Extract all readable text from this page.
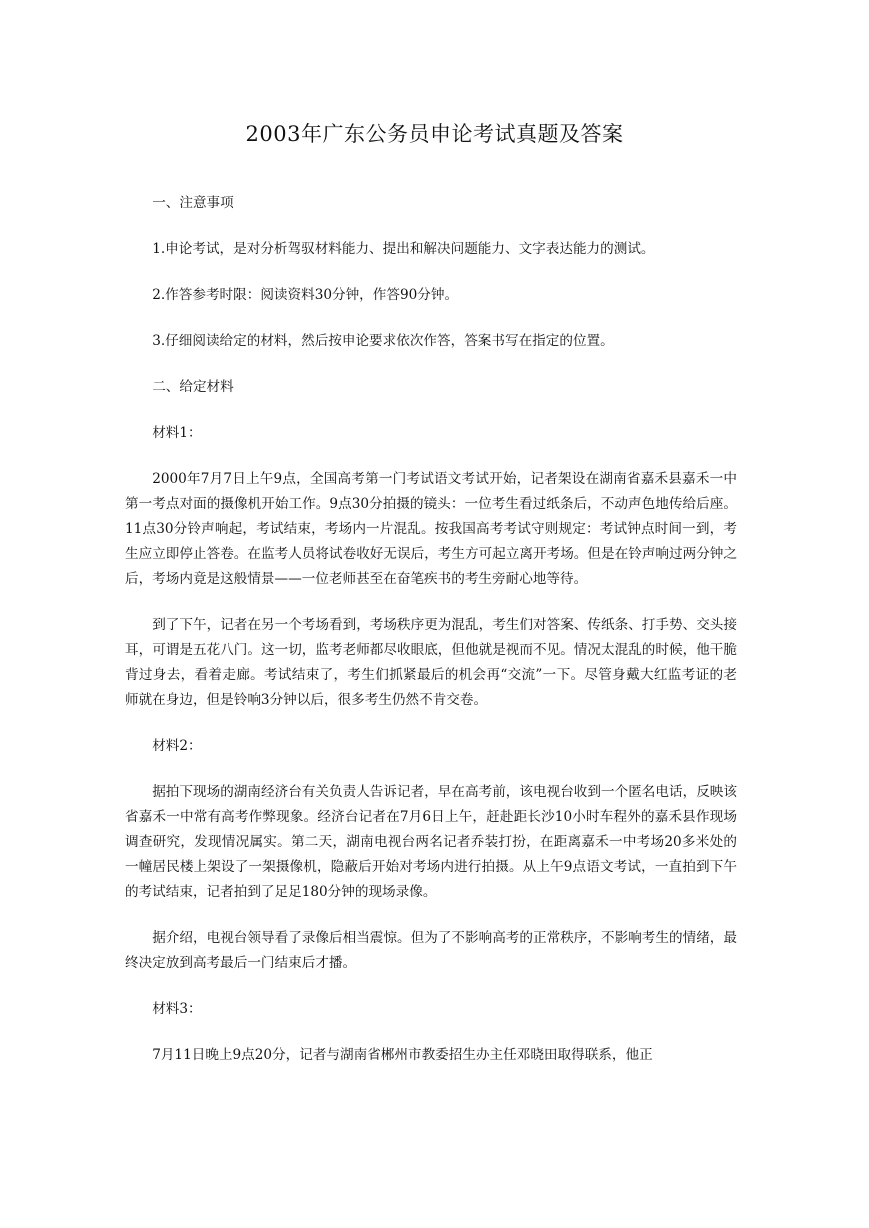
2003年广东公务员申论考试真题及答案

一、注意事项

1.申论考试，是对分析驾驭材料能力、提出和解决问题能力、文字表达能力的测试。

2.作答参考时限：阅读资料30分钟，作答90分钟。

3.仔细阅读给定的材料，然后按申论要求依次作答，答案书写在指定的位置。

二、给定材料

材料1：

2000年7月7日上午9点，全国高考第一门考试语文考试开始，记者架设在湖南省嘉禾县嘉禾一中第一考点对面的摄像机开始工作。9点30分拍摄的镜头：一位考生看过纸条后，不动声色地传给后座。11点30分铃声响起，考试结束，考场内一片混乱。按我国高考考试守则规定：考试钟点时间一到，考生应立即停止答卷。在监考人员将试卷收好无误后，考生方可起立离开考场。但是在铃声响过两分钟之后，考场内竟是这般情景——一位老师甚至在奋笔疾书的考生旁耐心地等待。

到了下午，记者在另一个考场看到，考场秩序更为混乱，考生们对答案、传纸条、打手势、交头接耳，可谓是五花八门。这一切，监考老师都尽收眼底，但他就是视而不见。情况太混乱的时候，他干脆背过身去，看着走廊。考试结束了，考生们抓紧最后的机会再“交流”一下。尽管身戴大红监考证的老师就在身边，但是铃响3分钟以后，很多考生仍然不肯交卷。

材料2：

据拍下现场的湖南经济台有关负责人告诉记者，早在高考前，该电视台收到一个匿名电话，反映该省嘉禾一中常有高考作弊现象。经济台记者在7月6日上午，赶赴距长沙10小时车程外的嘉禾县作现场调查研究，发现情况属实。第二天，湖南电视台两名记者乔装打扮，在距离嘉禾一中考场20多米处的一幢居民楼上架设了一架摄像机，隐蔽后开始对考场内进行拍摄。从上午9点语文考试，一直拍到下午的考试结束，记者拍到了足足180分钟的现场录像。

据介绍，电视台领导看了录像后相当震惊。但为了不影响高考的正常秩序，不影响考生的情绪，最终决定放到高考最后一门结束后才播。

材料3：

7月11日晚上9点20分，记者与湖南省郴州市教委招生办主任邓晓田取得联系，他正
